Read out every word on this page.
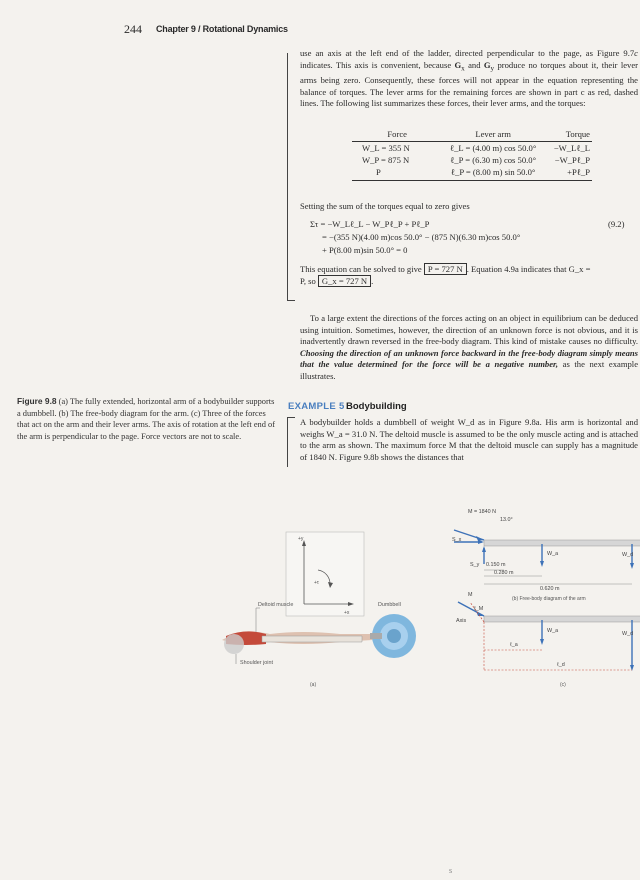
244 Chapter 9 / Rotational Dynamics
use an axis at the left end of the ladder, directed perpendicular to the page, as Figure 9.7c indicates. This axis is convenient, because $G_x$ and $G_y$ produce no torques about it, their lever arms being zero. Consequently, these forces will not appear in the equation representing the balance of torques. The lever arms for the remaining forces are shown in part c as red, dashed lines. The following list summarizes these forces, their lever arms, and the torques:
Force	Lever arm	Torque
W_L = 355 N	ℓ_L = (4.00 m) cos 50.0°	−W_Lℓ_L
W_P = 875 N	ℓ_P = (6.30 m) cos 50.0°	−W_Pℓ_P
P	ℓ_P = (8.00 m) sin 50.0°	+Pℓ_P
Setting the sum of the torques equal to zero gives
Στ = −W_Lℓ_L − W_Pℓ_P + Pℓ_P	(9.2)
= −(355 N)(4.00 m)cos 50.0° − (875 N)(6.30 m)cos 50.0°
+ P(8.00 m)sin 50.0° = 0
This equation can be solved to give P = 727 N . Equation 4.9a indicates that G_x =
P, so G_x = 727 N .
To a large extent the directions of the forces acting on an object in equilibrium can be deduced using intuition. Sometimes, however, the direction of an unknown force is not obvious, and it is inadvertently drawn reversed in the free-body diagram. This kind of mistake causes no difficulty. Choosing the direction of an unknown force backward in the free-body diagram simply means that the value determined for the force will be a negative number, as the next example illustrates.
EXAMPLE 5 Bodybuilding
A bodybuilder holds a dumbbell of weight W_d as in Figure 9.8a. His arm is horizontal and weighs W_a = 31.0 N. The deltoid muscle is assumed to be the only muscle acting and is attached to the arm as shown. The maximum force M that the deltoid muscle can supply has a magnitude of 1840 N. Figure 9.8b shows the distances that
Figure 9.8 (a) The fully extended, horizontal arm of a bodybuilder supports a dumbbell. (b) The free-body diagram for the arm. (c) Three of the forces that act on the arm and their lever arms. The axis of rotation at the left end of the arm is perpendicular to the page. Force vectors are not to scale.
+y
+x
+τ
Deltoid muscle	Dumbbell
Shoulder joint
(a)
M = 1840 N
13.0°
S_x
S_y
W_a	W_d
0.150 m
0.280 m
0.620 m
(b) Free-body diagram of the arm
M
ℓ_M
Axis
W_a	W_d
ℓ_a
ℓ_d
(c)
s
